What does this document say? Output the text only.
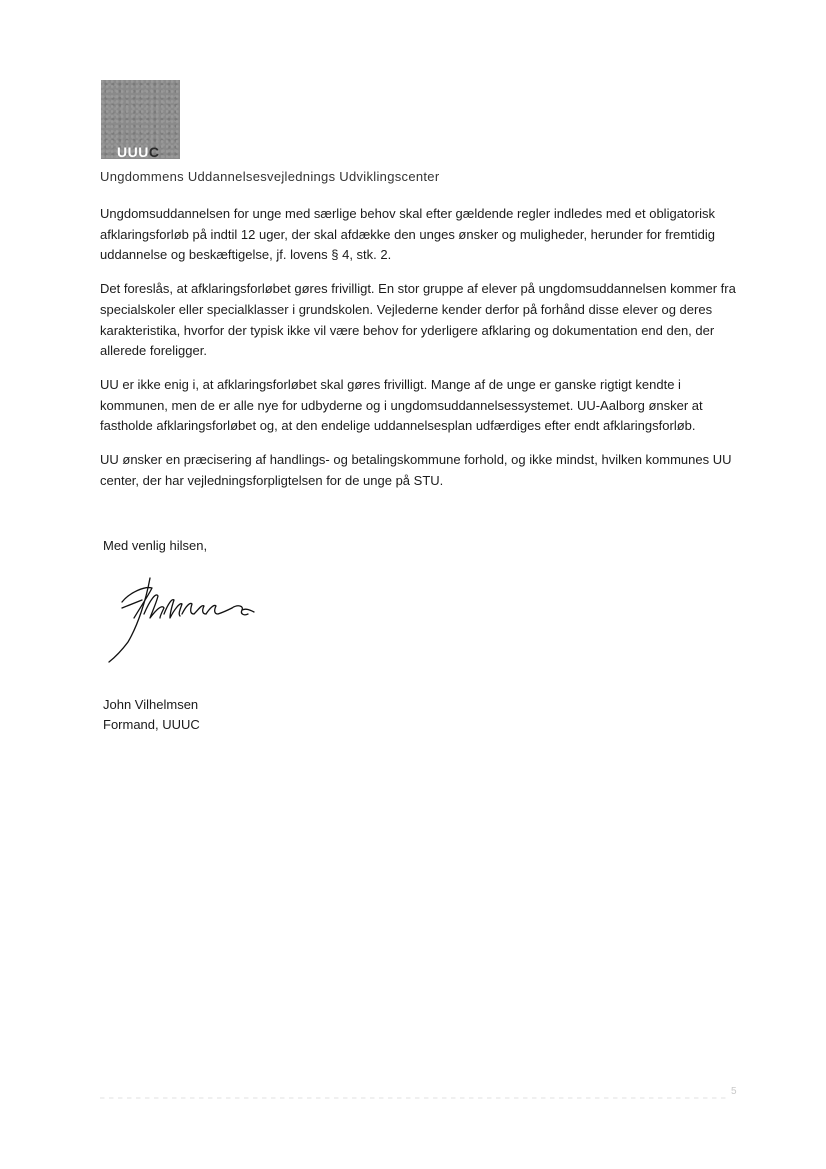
UUUC
Ungdommens Uddannelsesvejlednings Udviklingscenter

Ungdomsuddannelsen for unge med særlige behov skal efter gældende regler indledes med et obligatorisk afklaringsforløb på indtil 12 uger, der skal afdække den unges ønsker og muligheder, herunder for fremtidig uddannelse og beskæftigelse, jf. lovens § 4, stk. 2.

Det foreslås, at afklaringsforløbet gøres frivilligt. En stor gruppe af elever på ungdomsuddannelsen kommer fra specialskoler eller specialklasser i grundskolen. Vejlederne kender derfor på forhånd disse elever og deres karakteristika, hvorfor der typisk ikke vil være behov for yderligere afklaring og dokumentation end den, der allerede foreligger.

UU er ikke enig i, at afklaringsforløbet skal gøres frivilligt. Mange af de unge er ganske rigtigt kendte i kommunen, men de er alle nye for udbyderne og i ungdomsuddannelsessystemet. UU-Aalborg ønsker at fastholde afklaringsforløbet og, at den endelige uddannelsesplan udfærdiges efter endt afklaringsforløb.

UU ønsker en præcisering af handlings- og betalingskommune forhold, og ikke mindst, hvilken kommunes UU center, der har vejledningsforpligtelsen for de unge på STU.

Med venlig hilsen,
John Vilhelmsen
Formand, UUUC
5
